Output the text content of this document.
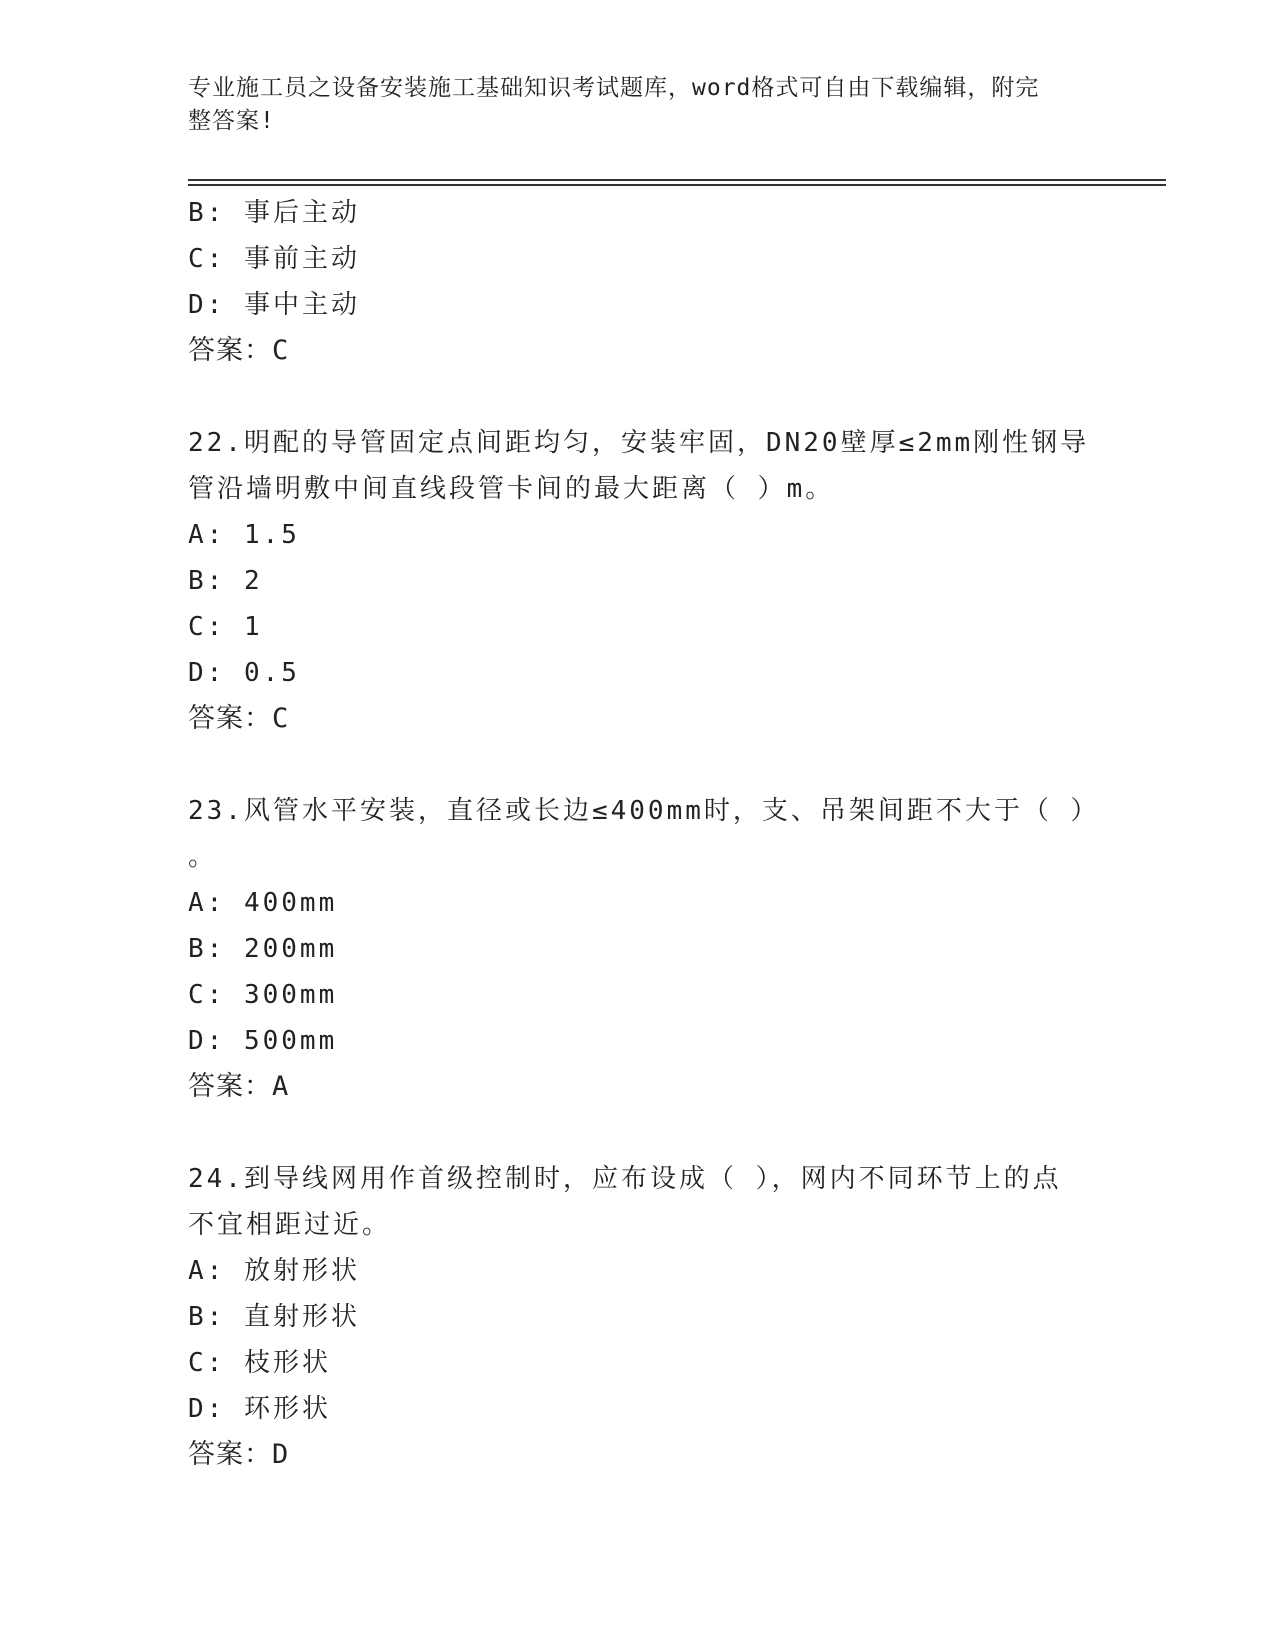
专业施工员之设备安装施工基础知识考试题库，word格式可自由下载编辑，附完
整答案!
B: 事后主动
C: 事前主动
D: 事中主动
答案：C
22.明配的导管固定点间距均匀，安装牢固，DN20壁厚≤2mm刚性钢导
管沿墙明敷中间直线段管卡间的最大距离（ ）m。
A: 1.5
B: 2
C: 1
D: 0.5
答案：C
23.风管水平安装，直径或长边≤400mm时，支、吊架间距不大于（ ）
。
A: 400mm
B: 200mm
C: 300mm
D: 500mm
答案：A
24.到导线网用作首级控制时，应布设成（ ），网内不同环节上的点
不宜相距过近。
A: 放射形状
B: 直射形状
C: 枝形状
D: 环形状
答案：D
